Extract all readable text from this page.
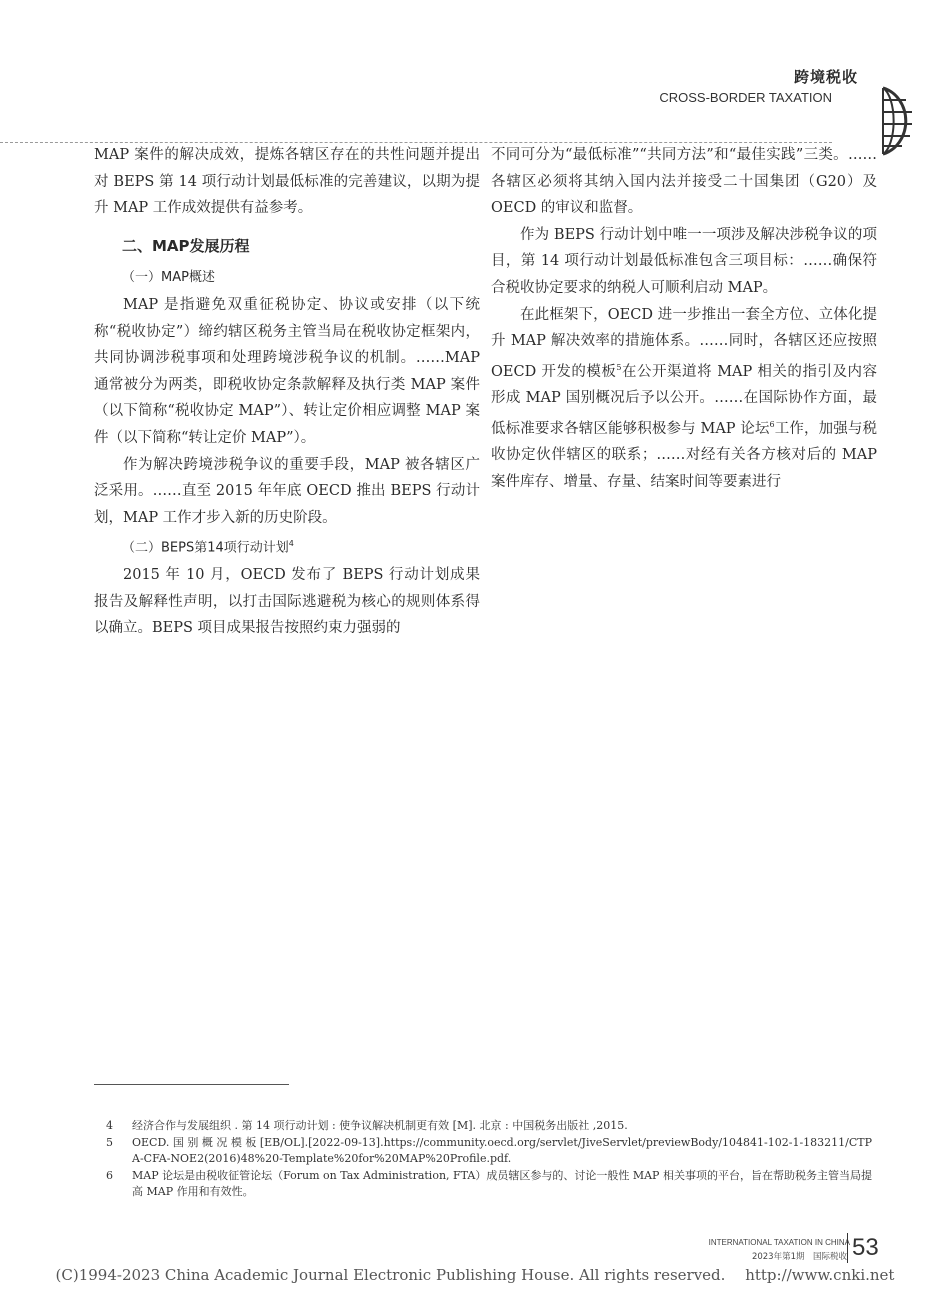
跨境税收
CROSS-BORDER TAXATION

MAP 案件的解决成效，提炼各辖区存在的共性问题并提出对 BEPS 第 14 项行动计划最低标准的完善建议，以期为提升 MAP 工作成效提供有益参考。

二、MAP发展历程

（一）MAP概述

MAP 是指避免双重征税协定、协议或安排（以下统称“税收协定”）缔约辖区税务主管当局在税收协定框架内，共同协调涉税事项和处理跨境涉税争议的机制。……MAP 通常被分为两类，即税收协定条款解释及执行类 MAP 案件（以下简称“税收协定 MAP”）、转让定价相应调整 MAP 案件（以下简称“转让定价 MAP”）。

作为解决跨境涉税争议的重要手段，MAP 被各辖区广泛采用。……直至 2015 年年底 OECD 推出 BEPS 行动计划，MAP 工作才步入新的历史阶段。

（二）BEPS第14项行动计划$^4$

2015 年 10 月，OECD 发布了 BEPS 行动计划成果报告及解释性声明，以打击国际逃避税为核心的规则体系得以确立。BEPS 项目成果报告按照约束力强弱的

不同可分为“最低标准”“共同方法”和“最佳实践”三类。……各辖区必须将其纳入国内法并接受二十国集团（G20）及 OECD 的审议和监督。

作为 BEPS 行动计划中唯一一项涉及解决涉税争议的项目，第 14 项行动计划最低标准包含三项目标：……确保符合税收协定要求的纳税人可顺利启动 MAP。

在此框架下，OECD 进一步推出一套全方位、立体化提升 MAP 解决效率的措施体系。……同时，各辖区还应按照 OECD 开发的模板$^5$在公开渠道将 MAP 相关的指引及内容形成 MAP 国别概况后予以公开。……在国际协作方面，最低标准要求各辖区能够积极参与 MAP 论坛$^6$工作，加强与税收协定伙伴辖区的联系；……对经有关各方核对后的 MAP 案件库存、增量、存量、结案时间等要素进行

4	经济合作与发展组织 . 第 14 项行动计划 : 使争议解决机制更有效 [M]. 北京 : 中国税务出版社 ,2015.
5	OECD. 国 别 概 况 模 板 [EB/OL].[2022-09-13].https://community.oecd.org/servlet/JiveServlet/previewBody/104841-102-1-183211/CTPA-CFA-NOE2(2016)48%20-Template%20for%20MAP%20Profile.pdf.
6	MAP 论坛是由税收征管论坛（Forum on Tax Administration, FTA）成员辖区参与的、讨论一般性 MAP 相关事项的平台，旨在帮助税务主管当局提高 MAP 作用和有效性。
INTERNATIONAL TAXATION IN CHINA
2023年第1期　国际税收 53
(C)1994-2023 China Academic Journal Electronic Publishing House. All rights reserved.　 http://www.cnki.net
